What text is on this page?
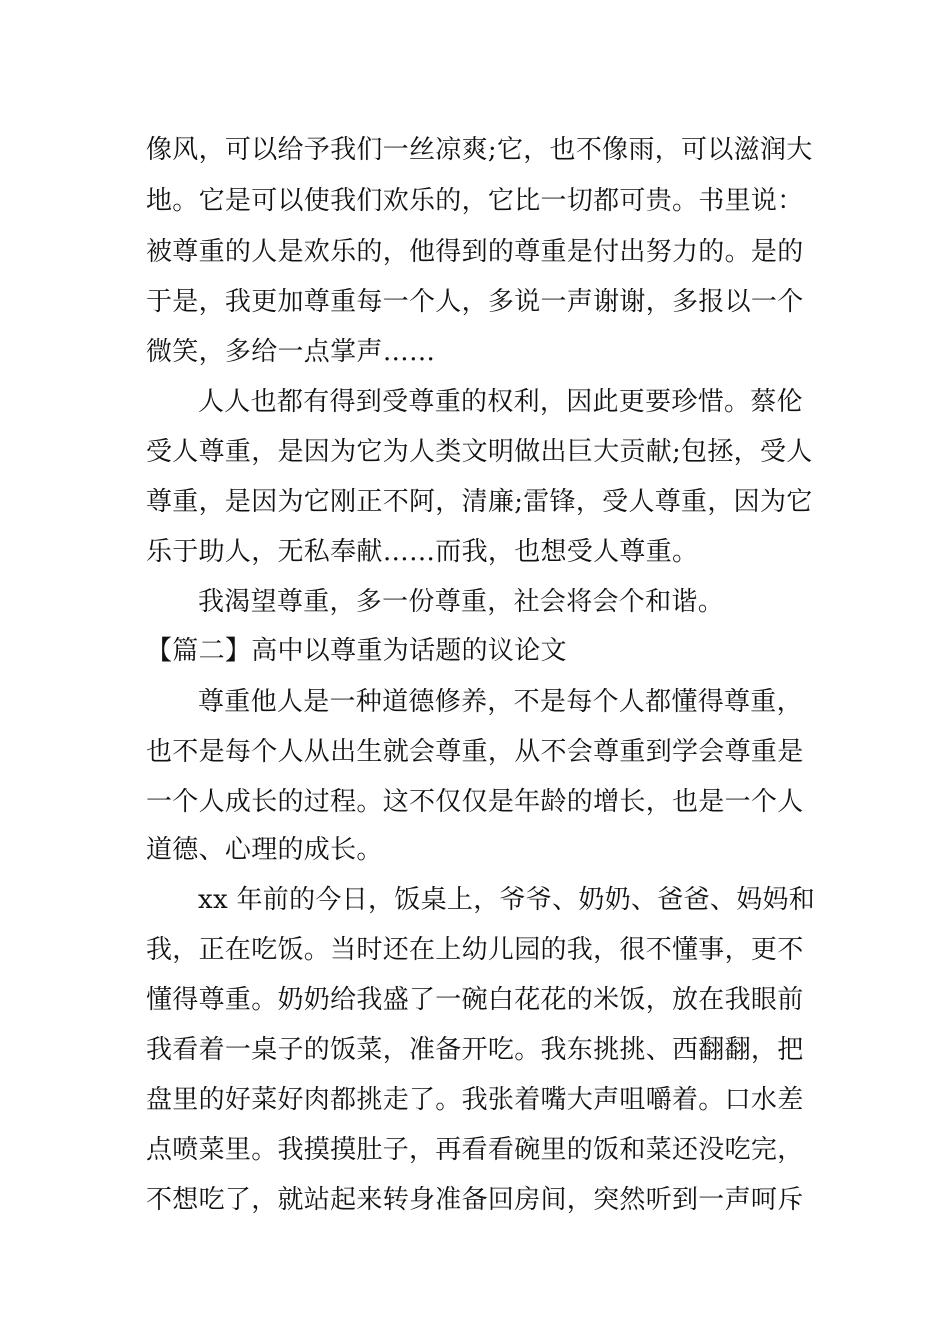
像风，可以给予我们一丝凉爽;它，也不像雨，可以滋润大
地。它是可以使我们欢乐的，它比一切都可贵。书里说：
被尊重的人是欢乐的，他得到的尊重是付出努力的。是的
于是，我更加尊重每一个人，多说一声谢谢，多报以一个
微笑，多给一点掌声……
人人也都有得到受尊重的权利，因此更要珍惜。蔡伦
受人尊重，是因为它为人类文明做出巨大贡献;包拯，受人
尊重，是因为它刚正不阿，清廉;雷锋，受人尊重，因为它
乐于助人，无私奉献……而我，也想受人尊重。
我渴望尊重，多一份尊重，社会将会个和谐。
【篇二】高中以尊重为话题的议论文
尊重他人是一种道德修养，不是每个人都懂得尊重，
也不是每个人从出生就会尊重，从不会尊重到学会尊重是
一个人成长的过程。这不仅仅是年龄的增长，也是一个人
道德、心理的成长。
xx 年前的今日，饭桌上，爷爷、奶奶、爸爸、妈妈和
我，正在吃饭。当时还在上幼儿园的我，很不懂事，更不
懂得尊重。奶奶给我盛了一碗白花花的米饭，放在我眼前
我看着一桌子的饭菜，准备开吃。我东挑挑、西翻翻，把
盘里的好菜好肉都挑走了。我张着嘴大声咀嚼着。口水差
点喷菜里。我摸摸肚子，再看看碗里的饭和菜还没吃完，
不想吃了，就站起来转身准备回房间，突然听到一声呵斥
